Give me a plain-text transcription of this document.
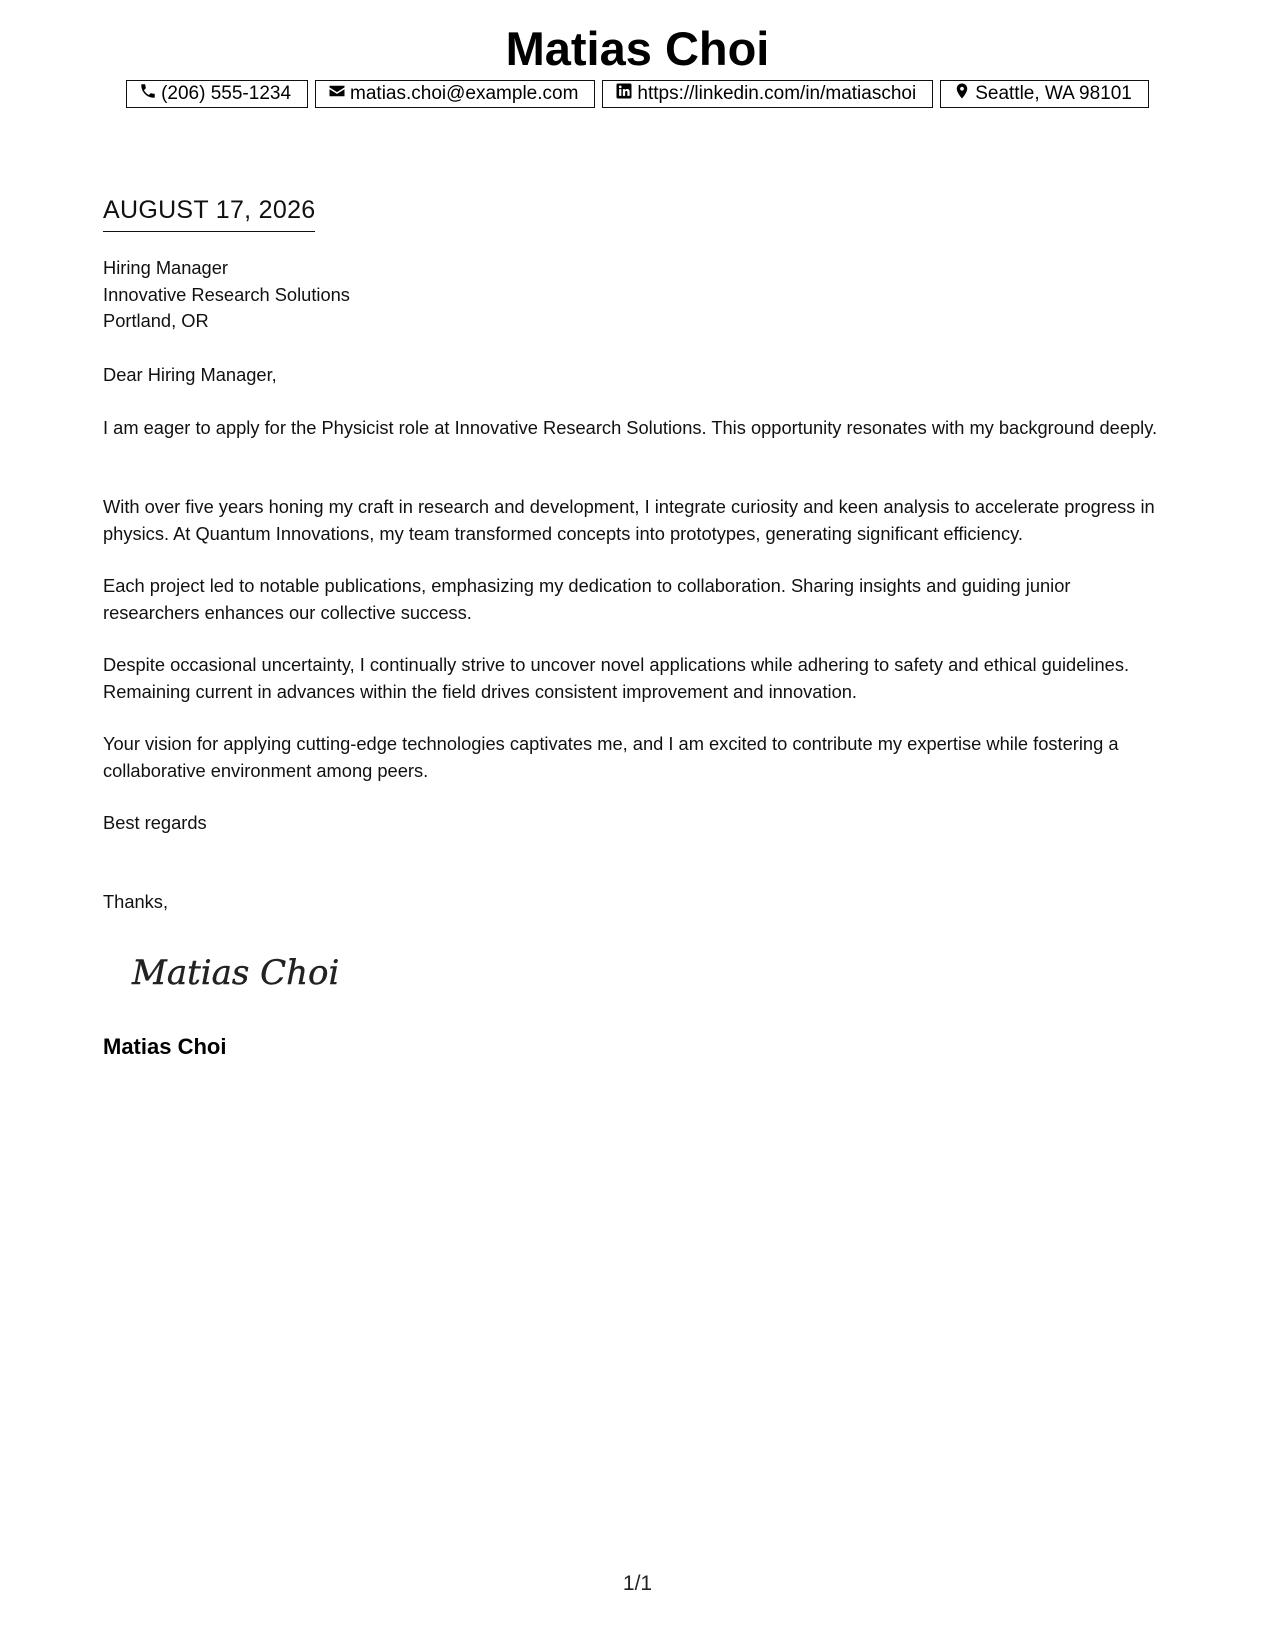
Matias Choi
(206) 555-1234	matias.choi@example.com	https://linkedin.com/in/matiaschoi	Seattle, WA 98101
AUGUST 17, 2026
Hiring Manager
Innovative Research Solutions
Portland, OR
Dear Hiring Manager,

I am eager to apply for the Physicist role at Innovative Research Solutions. This opportunity resonates with my background deeply.

With over five years honing my craft in research and development, I integrate curiosity and keen analysis to accelerate progress in physics. At Quantum Innovations, my team transformed concepts into prototypes, generating significant efficiency.

Each project led to notable publications, emphasizing my dedication to collaboration. Sharing insights and guiding junior researchers enhances our collective success.

Despite occasional uncertainty, I continually strive to uncover novel applications while adhering to safety and ethical guidelines. Remaining current in advances within the field drives consistent improvement and innovation.

Your vision for applying cutting-edge technologies captivates me, and I am excited to contribute my expertise while fostering a collaborative environment among peers.

Best regards
Thanks,
Matias Choi
Matias Choi
1/1
